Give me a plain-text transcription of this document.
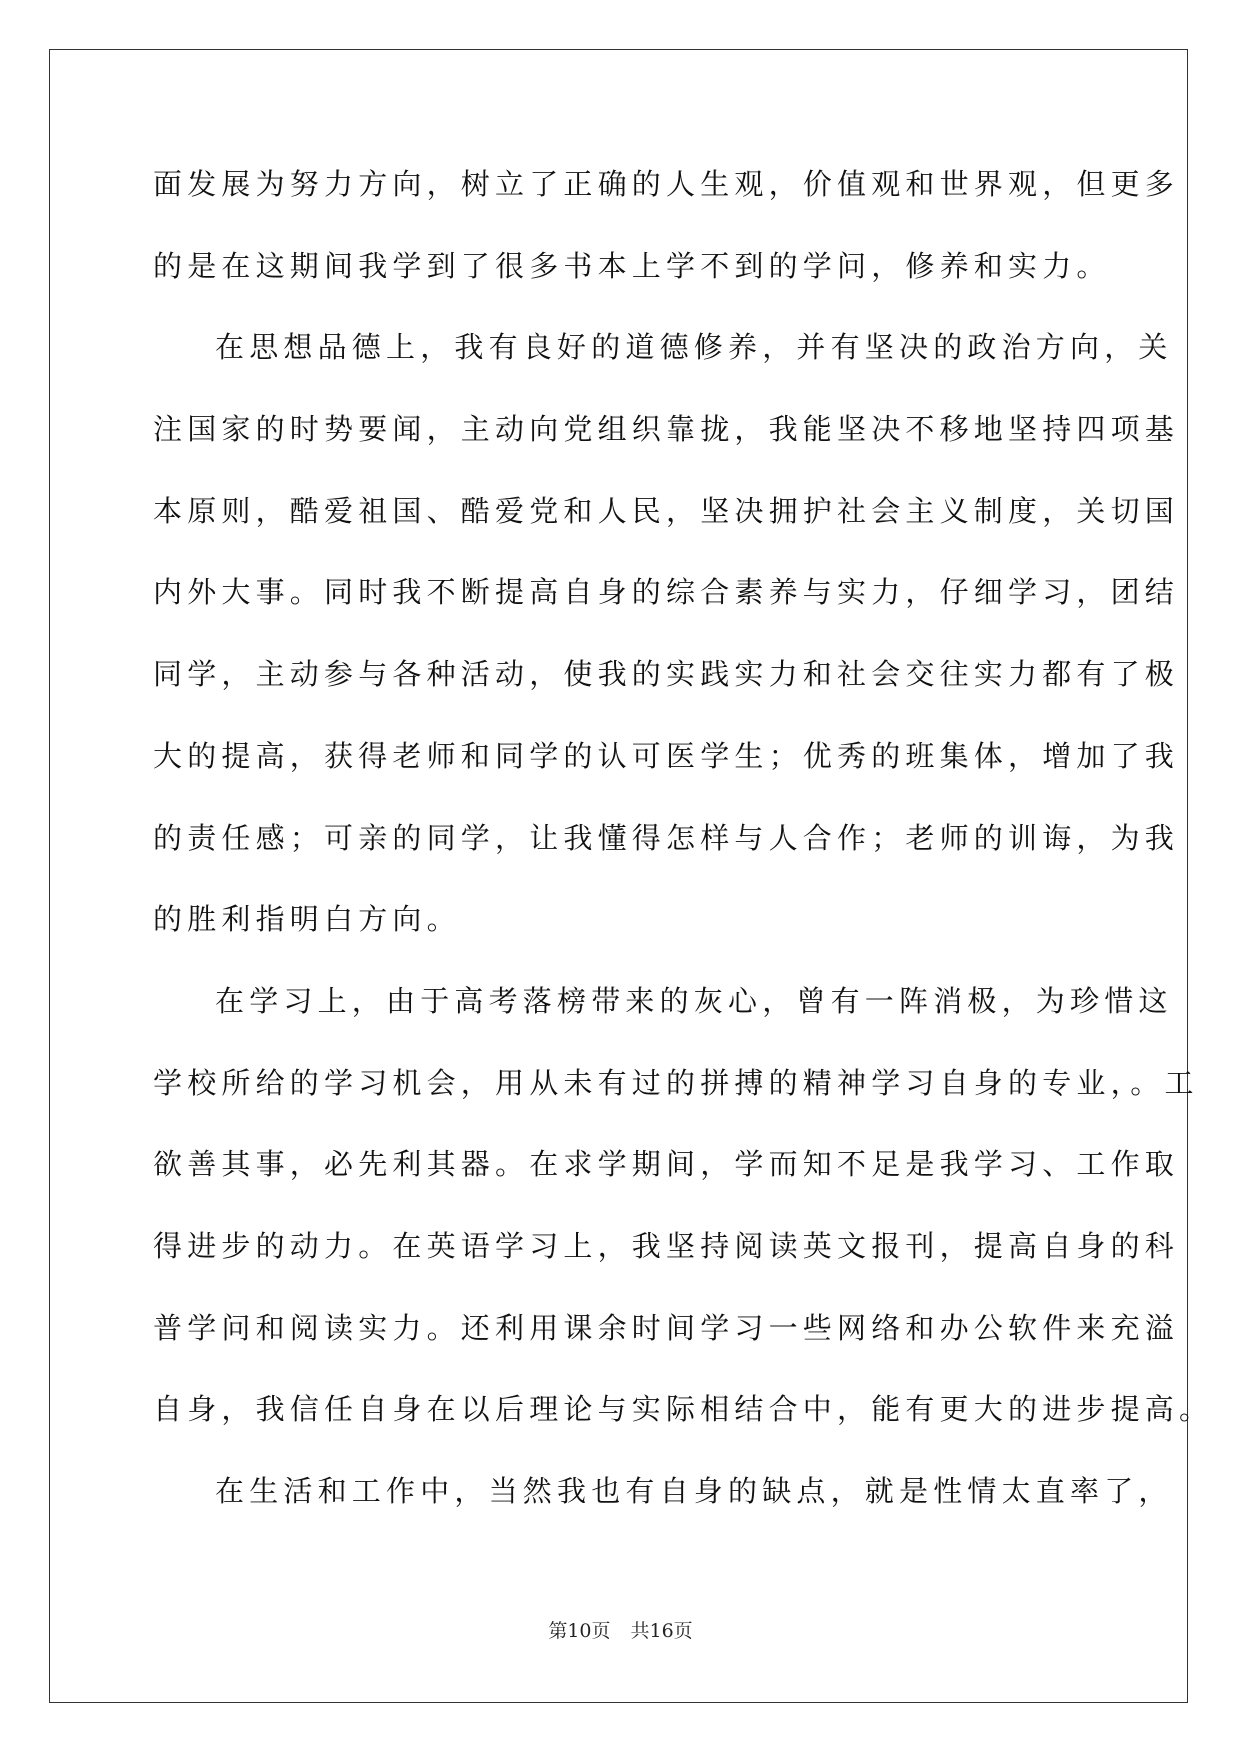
面发展为努力方向，树立了正确的人生观，价值观和世界观，但更多
的是在这期间我学到了很多书本上学不到的学问，修养和实力。
在思想品德上，我有良好的道德修养，并有坚决的政治方向，关
注国家的时势要闻，主动向党组织靠拢，我能坚决不移地坚持四项基
本原则，酷爱祖国、酷爱党和人民，坚决拥护社会主义制度，关切国
内外大事。同时我不断提高自身的综合素养与实力，仔细学习，团结
同学，主动参与各种活动，使我的实践实力和社会交往实力都有了极
大的提高，获得老师和同学的认可医学生；优秀的班集体，增加了我
的责任感；可亲的同学，让我懂得怎样与人合作；老师的训诲，为我
的胜利指明白方向。
在学习上，由于高考落榜带来的灰心，曾有一阵消极，为珍惜这
学校所给的学习机会，用从未有过的拼搏的精神学习自身的专业，。工
欲善其事，必先利其器。在求学期间，学而知不足是我学习、工作取
得进步的动力。在英语学习上，我坚持阅读英文报刊，提高自身的科
普学问和阅读实力。还利用课余时间学习一些网络和办公软件来充溢
自身，我信任自身在以后理论与实际相结合中，能有更大的进步提高。
在生活和工作中，当然我也有自身的缺点，就是性情太直率了，
第10页 共16页
